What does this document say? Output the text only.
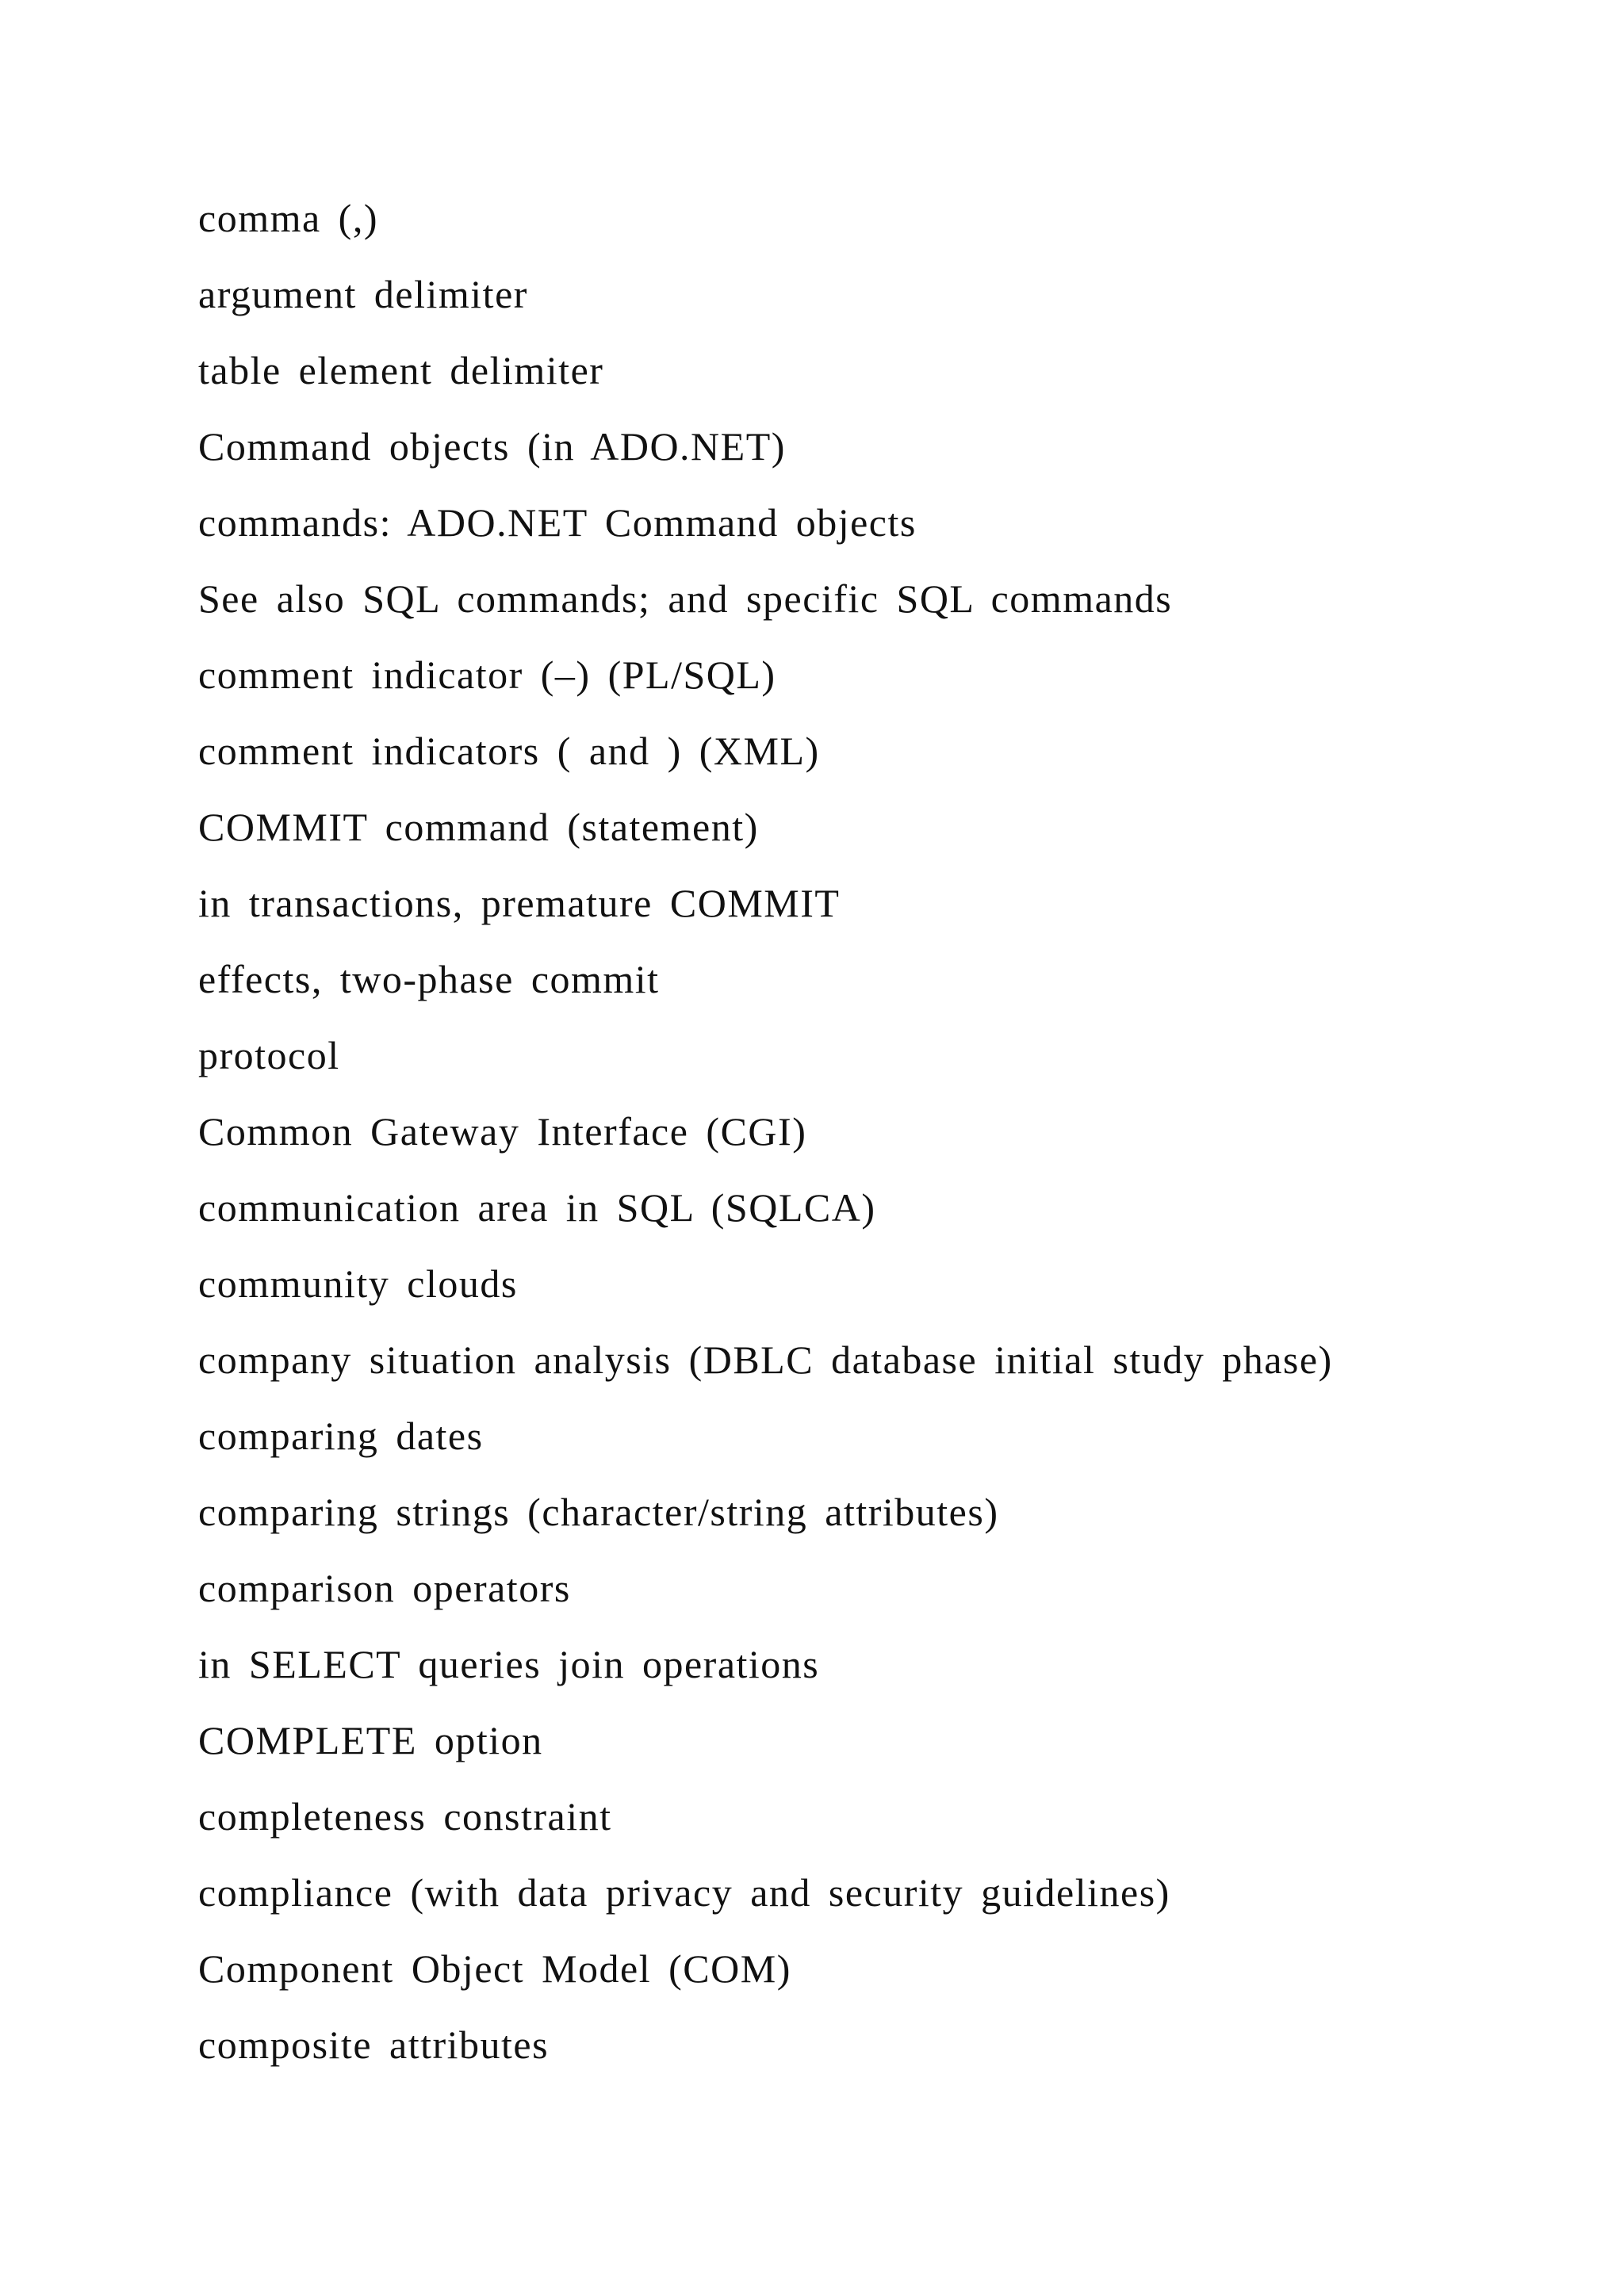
comma (,)
argument delimiter
table element delimiter
Command objects (in ADO.NET)
commands: ADO.NET Command objects
See also SQL commands; and specific SQL commands
comment indicator (–) (PL/SQL)
comment indicators ( and ) (XML)
COMMIT command (statement)
in transactions, premature COMMIT
effects, two-phase commit
protocol
Common Gateway Interface (CGI)
communication area in SQL (SQLCA)
community clouds
company situation analysis (DBLC database initial study phase)
comparing dates
comparing strings (character/string attributes)
comparison operators
in SELECT queries join operations
COMPLETE option
completeness constraint
compliance (with data privacy and security guidelines)
Component Object Model (COM)
composite attributes
